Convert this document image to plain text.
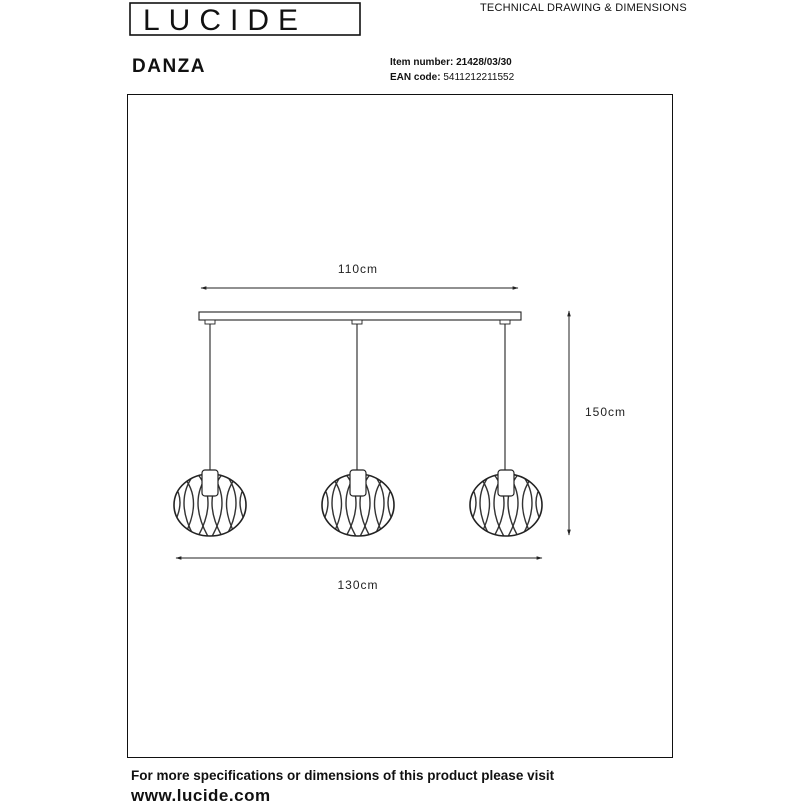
LUCIDE	TECHNICAL DRAWING & DIMENSIONS
DANZA	Item number: 21428/03/30
EAN code: 5411212211552
110cm
150cm
130cm
For more specifications or dimensions of this product please visit
www.lucide.com
